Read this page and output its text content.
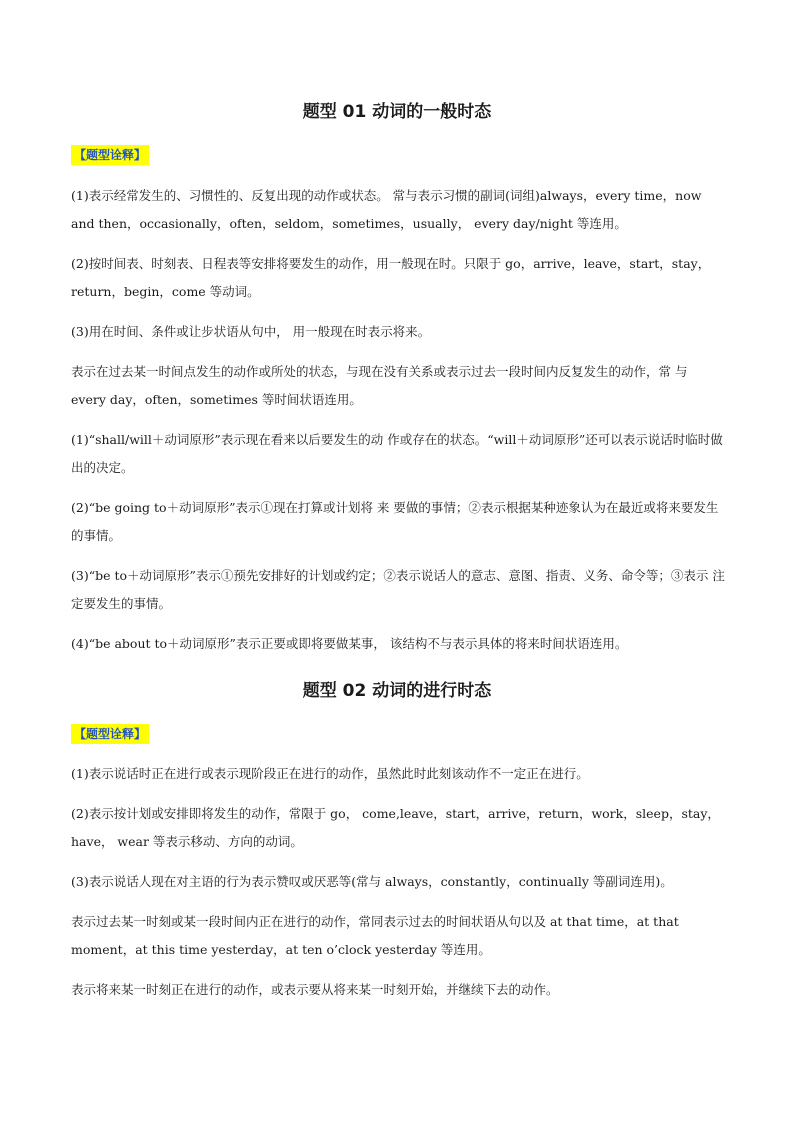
题型 01 动词的一般时态
【题型诠释】
(1)表示经常发生的、习惯性的、反复出现的动作或状态。 常与表示习惯的副词(词组)always，every time，now and then，occasionally，often，seldom，sometimes，usually， every day/night 等连用。
(2)按时间表、时刻表、日程表等安排将要发生的动作，用一般现在时。只限于 go，arrive，leave，start，stay，return，begin，come 等动词。
(3)用在时间、条件或让步状语从句中， 用一般现在时表示将来。
表示在过去某一时间点发生的动作或所处的状态，与现在没有关系或表示过去一段时间内反复发生的动作，常 与 every day，often，sometimes 等时间状语连用。
(1)“shall/will＋动词原形”表示现在看来以后要发生的动 作或存在的状态。“will＋动词原形”还可以表示说话时临时做出的决定。
(2)“be going to＋动词原形”表示①现在打算或计划将 来 要做的事情；②表示根据某种迹象认为在最近或将来要发生的事情。
(3)“be to＋动词原形”表示①预先安排好的计划或约定；②表示说话人的意志、意图、指责、义务、命令等；③表示 注定要发生的事情。
(4)“be about to＋动词原形”表示正要或即将要做某事， 该结构不与表示具体的将来时间状语连用。
题型 02 动词的进行时态
【题型诠释】
(1)表示说话时正在进行或表示现阶段正在进行的动作，虽然此时此刻该动作不一定正在进行。
(2)表示按计划或安排即将发生的动作，常限于 go， come,leave，start，arrive，return，work，sleep，stay，have， wear 等表示移动、方向的动词。
(3)表示说话人现在对主语的行为表示赞叹或厌恶等(常与 always，constantly，continually 等副词连用)。
表示过去某一时刻或某一段时间内正在进行的动作，常同表示过去的时间状语从句以及 at that time，at that moment，at this time yesterday，at ten o’clock yesterday 等连用。
表示将来某一时刻正在进行的动作，或表示要从将来某一时刻开始，并继续下去的动作。
